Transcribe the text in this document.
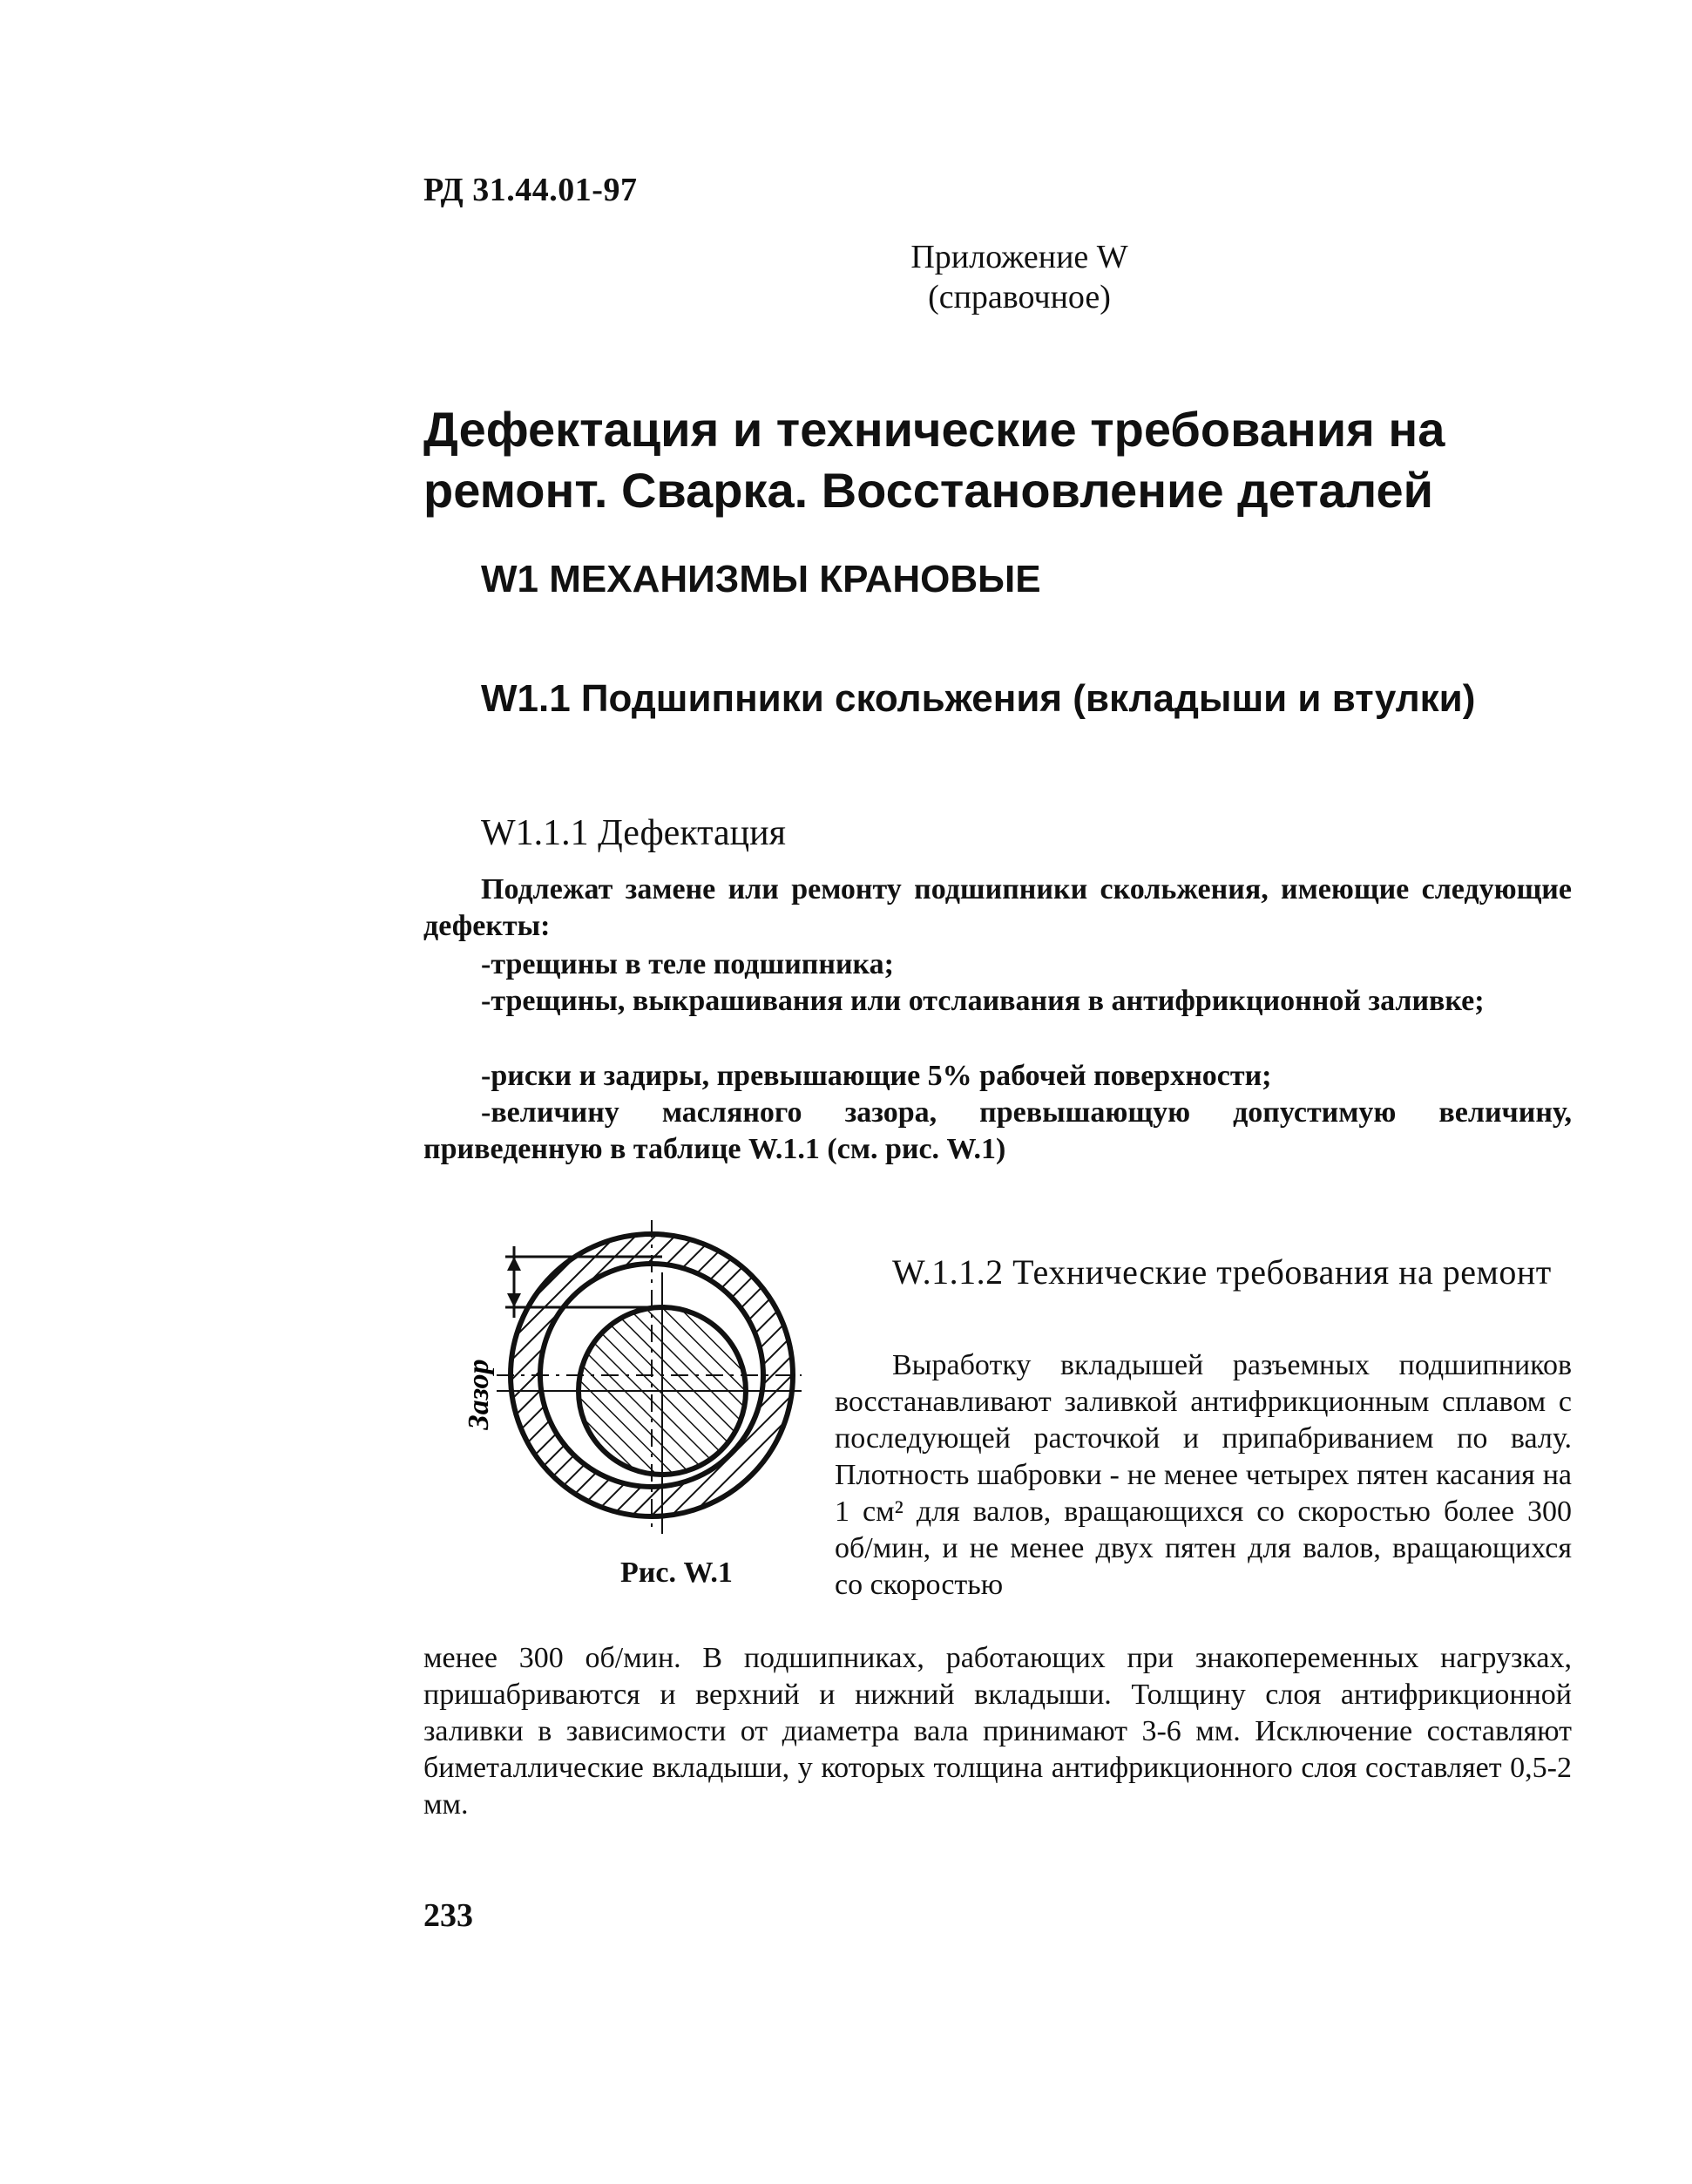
РД 31.44.01-97
Приложение W
(справочное)
Дефектация и технические требования на ремонт. Сварка. Восстановление деталей
W1 МЕХАНИЗМЫ КРАНОВЫЕ
W1.1 Подшипники скольжения (вкладыши и втулки)
W1.1.1 Дефектация
Подлежат замене или ремонту подшипники скольжения, имеющие следующие дефекты:
-трещины в теле подшипника;
-трещины, выкрашивания или отслаивания в антифрикционной заливке;
-риски и задиры, превышающие 5% рабочей поверхности;
-величину масляного зазора, превышающую допустимую величину, приведенную в таблице W.1.1 (см. рис. W.1)
Зазор
Рис. W.1
W.1.1.2 Технические требования на ремонт
Выработку вкладышей разъемных подшипников восстанавливают заливкой антифрикционным сплавом с последующей расточкой и припабриванием по валу. Плотность шабровки - не менее четырех пятен касания на 1 см² для валов, вращающихся со скоростью более 300 об/мин, и не менее двух пятен для валов, вращающихся со скоростью
менее 300 об/мин. В подшипниках, работающих при знакопеременных нагрузках, пришабриваются и верхний и нижний вкладыши. Толщину слоя антифрикционной заливки в зависимости от диаметра вала принимают 3-6 мм. Исключение составляют биметаллические вкладыши, у которых толщина антифрикционного слоя составляет 0,5-2 мм.
233
